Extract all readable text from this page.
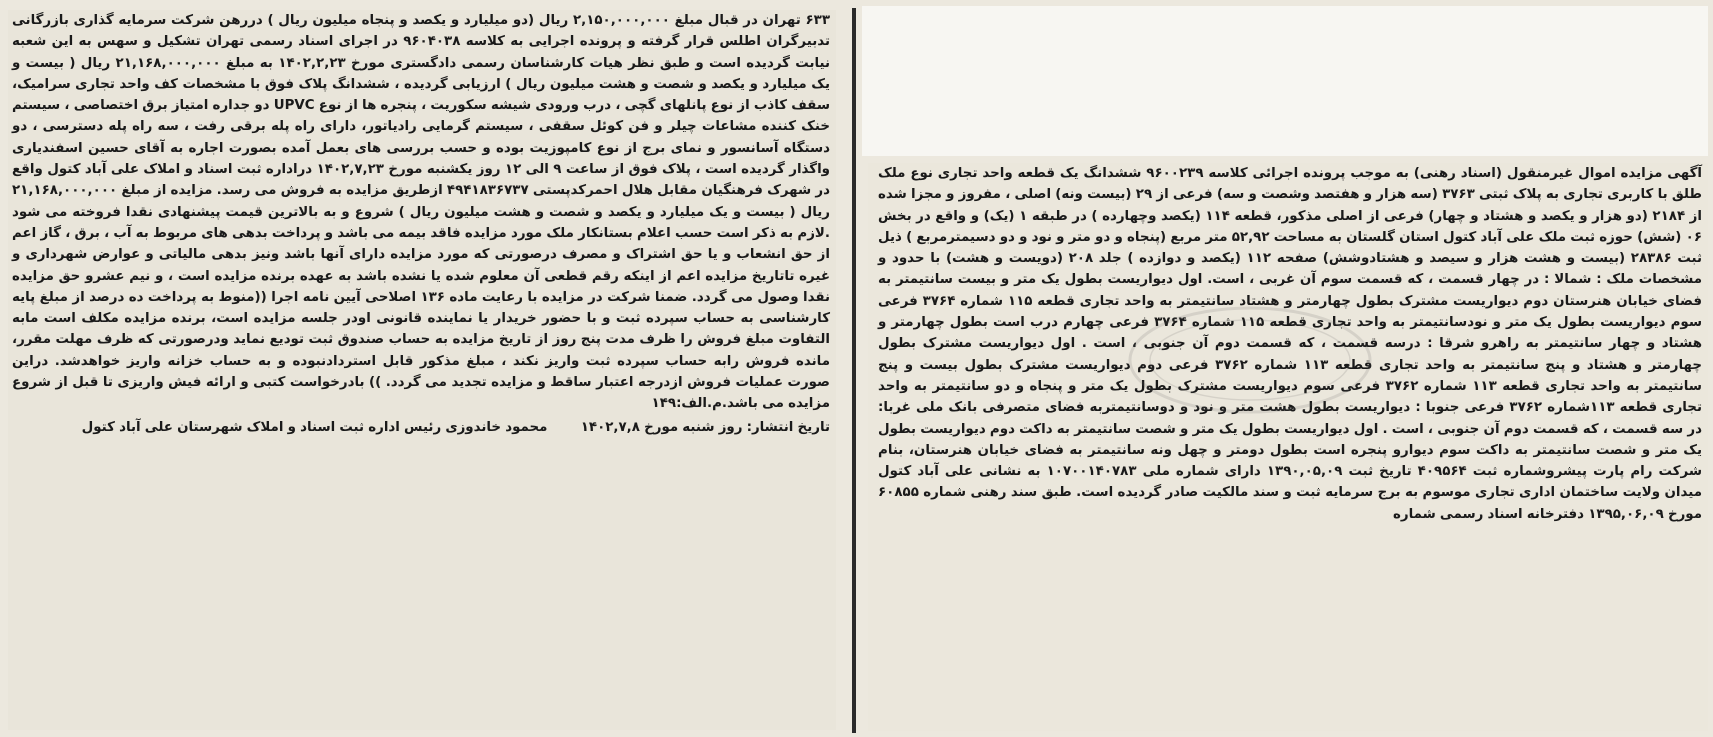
۶۳۳ تهران در قبال مبلغ ۲,۱۵۰,۰۰۰,۰۰۰ ریال (دو میلیارد و یکصد و پنجاه میلیون ریال ) دررهن شرکت سرمایه گذاری بازرگانی تدبیرگران اطلس قرار گرفته و پرونده اجرایی به کلاسه ۹۶۰۴۰۳۸ در اجرای اسناد رسمی تهران تشکیل و سهس به این شعبه نیابت گردیده است و طبق نظر هیات کارشناسان رسمی دادگستری مورخ ۱۴۰۲,۲,۲۳ به مبلغ ۲۱,۱۶۸,۰۰۰,۰۰۰ ریال ( بیست و یک میلیارد و یکصد و شصت و هشت میلیون ریال ) ارزیابی گردیده ، ششدانگ پلاک فوق با مشخصات کف واحد تجاری سرامیک، سقف کاذب از نوع پانلهای گچی ، درب ورودی شیشه سکوریت ، پنجره ها از نوع UPVC دو جداره امتیاز برق اختصاصی ، سیستم خنک کننده مشاعات چیلر و فن کوئل سقفی ، سیستم گرمایی رادیاتور، دارای راه پله برقی رفت ، سه راه پله دسترسی ، دو دستگاه آسانسور و نمای برج از نوع کامپوزیت بوده و حسب بررسی های بعمل آمده بصورت اجاره به آقای حسین اسفندیاری واگذار گردیده است ، پلاک فوق از ساعت ۹ الی ۱۲ روز یکشنبه مورخ ۱۴۰۲,۷,۲۳ دراداره ثبت اسناد و املاک علی آباد کتول واقع در شهرک فرهنگیان مقابل هلال احمرکدپستی ۴۹۴۱۸۳۶۷۳۷ ازطریق مزایده به فروش می رسد. مزایده از مبلغ ۲۱,۱۶۸,۰۰۰,۰۰۰ ریال ( بیست و یک میلیارد و یکصد و شصت و هشت میلیون ریال ) شروع و به بالاترین قیمت پیشنهادی نقدا فروخته می شود .لازم به ذکر است حسب اعلام بستانکار ملک مورد مزایده فاقد بیمه می باشد و پرداخت بدهی های مربوط به آب ، برق ، گاز اعم از حق انشعاب و یا حق اشتراک و مصرف درصورتی که مورد مزایده دارای آنها باشد ونیز بدهی مالیاتی و عوارض شهرداری و غیره تاتاریخ مزایده اعم از اینکه رقم قطعی آن معلوم شده یا نشده باشد به عهده برنده مزایده است ، و نیم عشرو حق مزایده نقدا وصول می گردد. ضمنا شرکت در مزایده با رعایت ماده ۱۳۶ اصلاحی آیین نامه اجرا ((منوط به پرداخت ده درصد از مبلغ پایه کارشناسی به حساب سپرده ثبت و با حضور خریدار یا نماینده قانونی اودر جلسه مزایده است، برنده مزایده مکلف است مابه التفاوت مبلغ فروش را ظرف مدت پنج روز از تاریخ مزایده به حساب صندوق ثبت تودیع نماید ودرصورتی که ظرف مهلت مقرر، مانده فروش رابه حساب سپرده ثبت واریز نکند ، مبلغ مذکور قابل استردادنبوده و به حساب خزانه واریز خواهدشد. دراین صورت عملیات فروش ازدرجه اعتبار ساقط و مزایده تجدید می گردد. )) بادرخواست کتبی و ارائه فیش واریزی تا قبل از شروع مزایده می باشد.م.الف:۱۴۹

تاریخ انتشار: روز شنبه مورخ ۱۴۰۲,۷,۸        محمود خاندوزی رئیس اداره ثبت اسناد و املاک شهرستان علی آباد کتول

آگهی مزایده اموال غیرمنقول (اسناد رهنی) به موجب پرونده اجرائی کلاسه ۹۶۰۰۲۳۹ ششدانگ یک قطعه واحد تجاری نوع ملک طلق با کاربری تجاری به پلاک ثبتی ۳۷۶۳ (سه هزار و هفتصد وشصت و سه) فرعی از ۲۹ (بیست ونه) اصلی ، مفروز و مجزا شده از ۲۱۸۴ (دو هزار و یکصد و هشتاد و چهار) فرعی از اصلی مذکور، قطعه ۱۱۴ (یکصد وچهارده ) در طبقه ۱ (یک) و واقع در بخش ۰۶ (شش) حوزه ثبت ملک علی آباد کتول استان گلستان به مساحت ۵۲,۹۲ متر مربع (پنجاه و دو متر و نود و دو دسیمترمربع ) ذیل ثبت ۲۸۳۸۶ (بیست و هشت هزار و سیصد و هشتادوشش) صفحه ۱۱۲ (یکصد و دوازده ) جلد ۲۰۸ (دویست و هشت) با حدود و مشخصات ملک : شمالا : در چهار قسمت ، که قسمت سوم آن غربی ، است. اول دیواریست بطول یک متر و بیست سانتیمتر به فضای خیابان هنرستان دوم دیواریست مشترک بطول چهارمتر و هشتاد سانتیمتر به واحد تجاری قطعه ۱۱۵ شماره ۳۷۶۴ فرعی سوم دیواریست بطول یک متر و نودسانتیمتر به واحد تجاری قطعه ۱۱۵ شماره ۳۷۶۴ فرعی چهارم درب است بطول چهارمتر و هشتاد و چهار سانتیمتر به راهرو شرقا : درسه قسمت ، که قسمت دوم آن جنوبی ، است . اول دیواریست مشترک بطول چهارمتر و هشتاد و پنج سانتیمتر به واحد تجاری قطعه ۱۱۳ شماره ۳۷۶۲ فرعی دوم دیواریست مشترک بطول بیست و پنج سانتیمتر به واحد تجاری قطعه ۱۱۳ شماره ۳۷۶۲ فرعی سوم دیواریست مشترک بطول یک متر و پنجاه و دو سانتیمتر به واحد تجاری قطعه ۱۱۳شماره ۳۷۶۲ فرعی جنوبا : دیواریست بطول هشت متر و نود و دوسانتیمتربه فضای متصرفی بانک ملی غربا: در سه قسمت ، که قسمت دوم آن جنوبی ، است . اول دیواریست بطول یک متر و شصت سانتیمتر به داکت دوم دیواریست بطول یک متر و شصت سانتیمتر به داکت سوم دیوارو پنجره است بطول دومتر و چهل ونه سانتیمتر به فضای خیابان هنرستان، بنام شرکت رام پارت پیشروشماره ثبت ۴۰۹۵۶۴ تاریخ ثبت ۱۳۹۰,۰۵,۰۹ دارای شماره ملی ۱۰۷۰۰۱۴۰۷۸۳ به نشانی علی آباد کتول میدان ولایت ساختمان اداری تجاری موسوم به برج سرمایه ثبت و سند مالکیت صادر گردیده است. طبق سند رهنی شماره ۶۰۸۵۵ مورخ ۱۳۹۵,۰۶,۰۹ دفترخانه اسناد رسمی شماره
